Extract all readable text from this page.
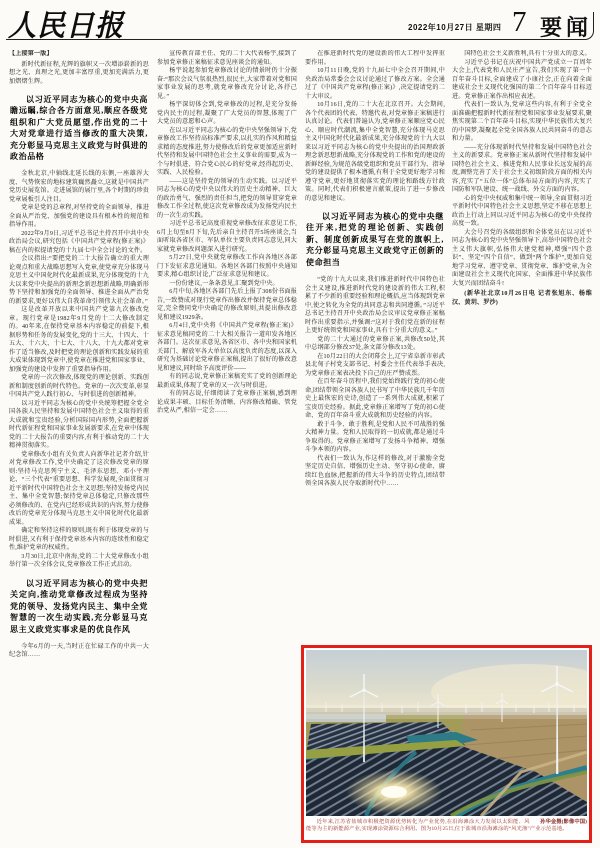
人民日报	2022年10月27日 星期四 7 要闻
【上接第一版】
新时代新征程,光辉的旗帜又一次增添崭新的思想之光、真理之光,更加丰富厚重,更加充满活力,更加熠熠生辉。
以习近平同志为核心的党中央高瞻远瞩,综合各方面意见,顺应各级党组织和广大党员愿望,作出党的二十大对党章进行适当修改的重大决策,充分彰显马克思主义政党与时俱进的政治品格
金秋北京,中轴线北延长线的东侧,一座雄浑大度、气势恢宏的地标建筑巍然矗立,这就是中国共产党历史展览馆。走进展馆的展厅里,各个时期的珍贵党章展板引人注目。
党章是党的总章程,对坚持党的全面领导、推进全面从严治党、加强党的建设具有根本性的规范和指导作用。
2022年9月9日,习近平总书记主持召开中共中央政治局会议,研究包括《中国共产党章程(修正案)》稿在内的拟提请党的十九届七中全会讨论的文件。
会议指出:“要把党的二十大报告确立的重大理论观点和重大战略思想写入党章,使党章充分体现马克思主义中国化时代化最新成果,充分体现党的十九大以来党中央提出的新理念新思想新战略,明确新形势下坚持和加强党的全面领导、推进全面从严治党的新要求,更好以伟大自我革命引领伟大社会革命。”
这是改革开放以来中国共产党第九次修改党章。现行党章是1982年9月党的十二大修改制定的。40年来,在保持党章基本内容稳定的前提下,根据形势和任务的发展变化,党的十三大、十四大、十五大、十六大、十七大、十八大、十九大都对党章作了适当修改,及时把党的理论创新和实践发展的重大成果体现到党章中,使党章在推进党和国家事业、加强党的建设中发挥了重要指导作用。
党章的一次次修改,体现党的理论创新、实践创新和制度创新的时代特色。党章的一次次变革,彰显中国共产党人践行初心、与时俱进的创新精神。
以习近平同志为核心的党中央统筹把握全党全国各族人民坚持和发展中国特色社会主义取得的重大成就和宝贵经验,分析国际国内形势,全面把握新时代新征程党和国家事业发展新要求,在党章中体现党的二十大报告的重要内容,有利于推动党的二十大精神贯彻落实。
党章修改小组有关负责人向新华社记者介绍,针对党章修改工作,党中央确定了这次修改党章的原则:坚持马克思列宁主义、毛泽东思想、邓小平理论、“三个代表”重要思想、科学发展观,全面贯彻习近平新时代中国特色社会主义思想;坚持发扬党内民主、集中全党智慧;保持党章总体稳定,只修改那些必须修改的、在党内已经形成共识的内容,努力使修改后的党章充分体现马克思主义中国化时代化最新成果。
确定和坚持这样的原则,既有利于体现党章的与时俱进,又有利于保持党章基本内容的连续性和稳定性,维护党章的权威性。
3月30日,北京中南海,党的二十大党章修改小组举行第一次全体会议,党章修改工作正式启动。
以习近平同志为核心的党中央把关定向,推动党章修改过程成为坚持党的领导、发扬党内民主、集中全党智慧的一次生动实践,充分彰显马克思主义政党实事求是的优良作风
今年6月的一天,当时正在忙碌工作的中共一大纪念馆……
宣传教育部主任、党的二十大代表杨宇,接到了参加党章修正案稿征求意见座谈会的通知。
杨宇说起参加党章修改讨论的情景时仍十分振奋:“那次会议气氛很热烈,很民主,大家带着对党和国家事业发展的思考,就党章修改充分讨论,各抒己见。”
杨宇深切体会到,党章修改的过程,是充分发扬党内民主的过程,凝聚了广大党员的智慧,体现了广大党员的意愿和心声。
在以习近平同志为核心的党中央坚强领导下,党章修改工作坚持高标准严要求,以扎实的作风和精益求精的态度推进,努力使修改后的党章更加适应新时代坚持和发展中国特色社会主义事业的需要,成为一个与时俱进、符合党心民心的好党章,经得起历史、实践、人民检验。
——这是坚持党的领导的生动实践。以习近平同志为核心的党中央以伟大的历史主动精神、巨大的政治勇气、强烈的责任担当,把党的领导贯穿党章修改工作全过程,使这次党章修改成为发扬党内民主的一次生动实践。
习近平总书记高度重视党章修改征求意见工作,6月上旬至8月下旬,先后亲自主持召开5场座谈会,当面听取各省区市、军队单位主要负责同志意见,同大家就党章修改问题深入进行研究。
5月27日,党中央就党章修改工作向各地区各部门下发征求意见通知。各地区各部门按照中央通知要求,精心组织讨论,广泛征求意见和建议。
一份份建议,一条条意见,汇聚到党中央。
6月中旬,各地区各部门先后上报了308份书面报告,一致赞成对现行党章作出修改并保持党章总体稳定,完全赞同党中央确定的修改原则,共提出修改意见和建议1929条。
6月4日,党中央将《中国共产党章程(修正案)》征求意见稿同党的二十大相关报告一道印发各地区各部门。这次征求意见,各省区市、各中央和国家机关部门、解放军各大单位以高度负责的态度,以深入研究为基础讨论党章修正案稿,提出了很好的修改意见和建议,同时给予高度评价——
有的同志说,党章修正案稿充实了党的创新理论最新成果,体现了党章的又一次与时俱进。
有的同志说,仔细阅读了党章修正案稿,感到理论成果丰硕、目标任务清晰、内容修改精确、管党治党从严,相信一定会……
在推进新时代党的建设新的伟大工程中发挥重要作用。
10月11日晚,党的十九届七中全会召开期间,中央政治局常委会会议讨论通过了修改方案。全会通过了《中国共产党章程(修正案)》,决定提请党的二十大审议。
10月16日,党的二十大在北京召开。大会期间,各个代表团的代表、特邀代表,对党章修正案稿进行认真讨论。代表们普遍认为,党章修正案顺应党心民心、顺应时代潮流,集中全党智慧,充分体现马克思主义中国化时代化最新成果,充分体现党的十九大以来以习近平同志为核心的党中央提出的治国理政新理念新思想新战略,充分体现党的工作和党的建设的新鲜经验,为规范各级党组织和党员干部行为、指导党的建设提供了根本遵循,有利于全党更好地学习和遵守党章,更好地贯彻落实党的理论和路线方针政策。同时,代表们积极建言献策,提出了进一步修改的意见和建议。
以习近平同志为核心的党中央继往开来,把党的理论创新、实践创新、制度创新成果写在党的旗帜上,充分彰显马克思主义政党守正创新的使命担当
“党的十九大以来,我们推进新时代中国特色社会主义建设,推进新时代党的建设新的伟大工程,积累了不少新的重要经验和理论概括,应当体现到党章中,使之转化为全党的共同意志和共同遵循。”习近平总书记主持召开中央政治局会议审议党章修正案稿时作出重要指示,并强调:“这对于我们党在新的征程上更好统领党和国家事业,具有十分重大的意义。”
党的二十大通过的党章修正案,共修改50处,其中总纲部分修改37处,条文部分修改13处。
在10月22日的大会闭幕会上,辽宁省阜新市彰武县北甸子村党支部书记、村委会主任代表举手表决,为党章修正案表决投下自己的庄严赞成票。
在百年奋斗历程中,我们党始终践行党的初心使命,团结带领全国各族人民书写了中华民族几千年历史上最恢宏的史诗,创造了一系列伟大成就,积累了宝贵历史经验。据此,党章修正案增写了党的初心使命、党的百年奋斗重大成就和历史经验的内容。
敢于斗争、敢于胜利,是党和人民不可战胜的强大精神力量。党和人民取得的一切成就,都是通过斗争取得的。党章修正案增写了发扬斗争精神、增强斗争本领的内容。
代表们一致认为,作这样的修改,对于激励全党坚定历史自信、增强历史主动、坚守初心使命、赓续红色血脉,把握新的伟大斗争的历史特点,团结带领全国各族人民夺取新时代中……
国特色社会主义新胜利,具有十分重大的意义。
习近平总书记在庆祝中国共产党成立一百周年大会上,代表党和人民庄严宣告,我们实现了第一个百年奋斗目标,全面建成了小康社会,正在向着全面建成社会主义现代化强国的第二个百年奋斗目标迈进。党章修正案作出相应表述。
代表们一致认为,党章这些内容,有利于全党全面准确把握新时代新征程党和国家事业发展要求,聚焦实现第二个百年奋斗目标,实现中华民族伟大复兴的中国梦,凝聚起全党全国各族人民共同奋斗的意志和力量。
——充分体现新时代坚持和发展中国特色社会主义的新要求。党章修正案从新时代坚持和发展中国特色社会主义、推进党和人民事业长远发展的高度,调整完善了关于社会主义初级阶段方面的相关内容,充实了“五位一体”总体布局方面的内容,充实了国防和军队建设、统一战线、外交方面的内容。
心的党中央权威和集中统一领导,全面贯彻习近平新时代中国特色社会主义思想,坚定不移在思想上政治上行动上同以习近平同志为核心的党中央保持高度一致。
大会号召党的各级组织和全体党员在以习近平同志为核心的党中央坚强领导下,高举中国特色社会主义伟大旗帜,弘扬伟大建党精神,增强“四个意识”、坚定“四个自信”、做到“两个维护”,更加自觉地学习党章、遵守党章、贯彻党章、维护党章,为全面建设社会主义现代化国家、全面推进中华民族伟大复兴而团结奋斗!
(新华社北京10月26日电 记者张旭东、杨维汉、黄玥、罗沙)
孙华金摄(影像中国)
近年来,江苏省盐城市积极把资源优势转化为产业优势,在沿海滩涂大力发展以太阳能、风能等为主的新能源产业,实现滩涂资源综合利用。图为10月25日,位于盐城市沿海滩涂的“风光渔”产业示范基地。
